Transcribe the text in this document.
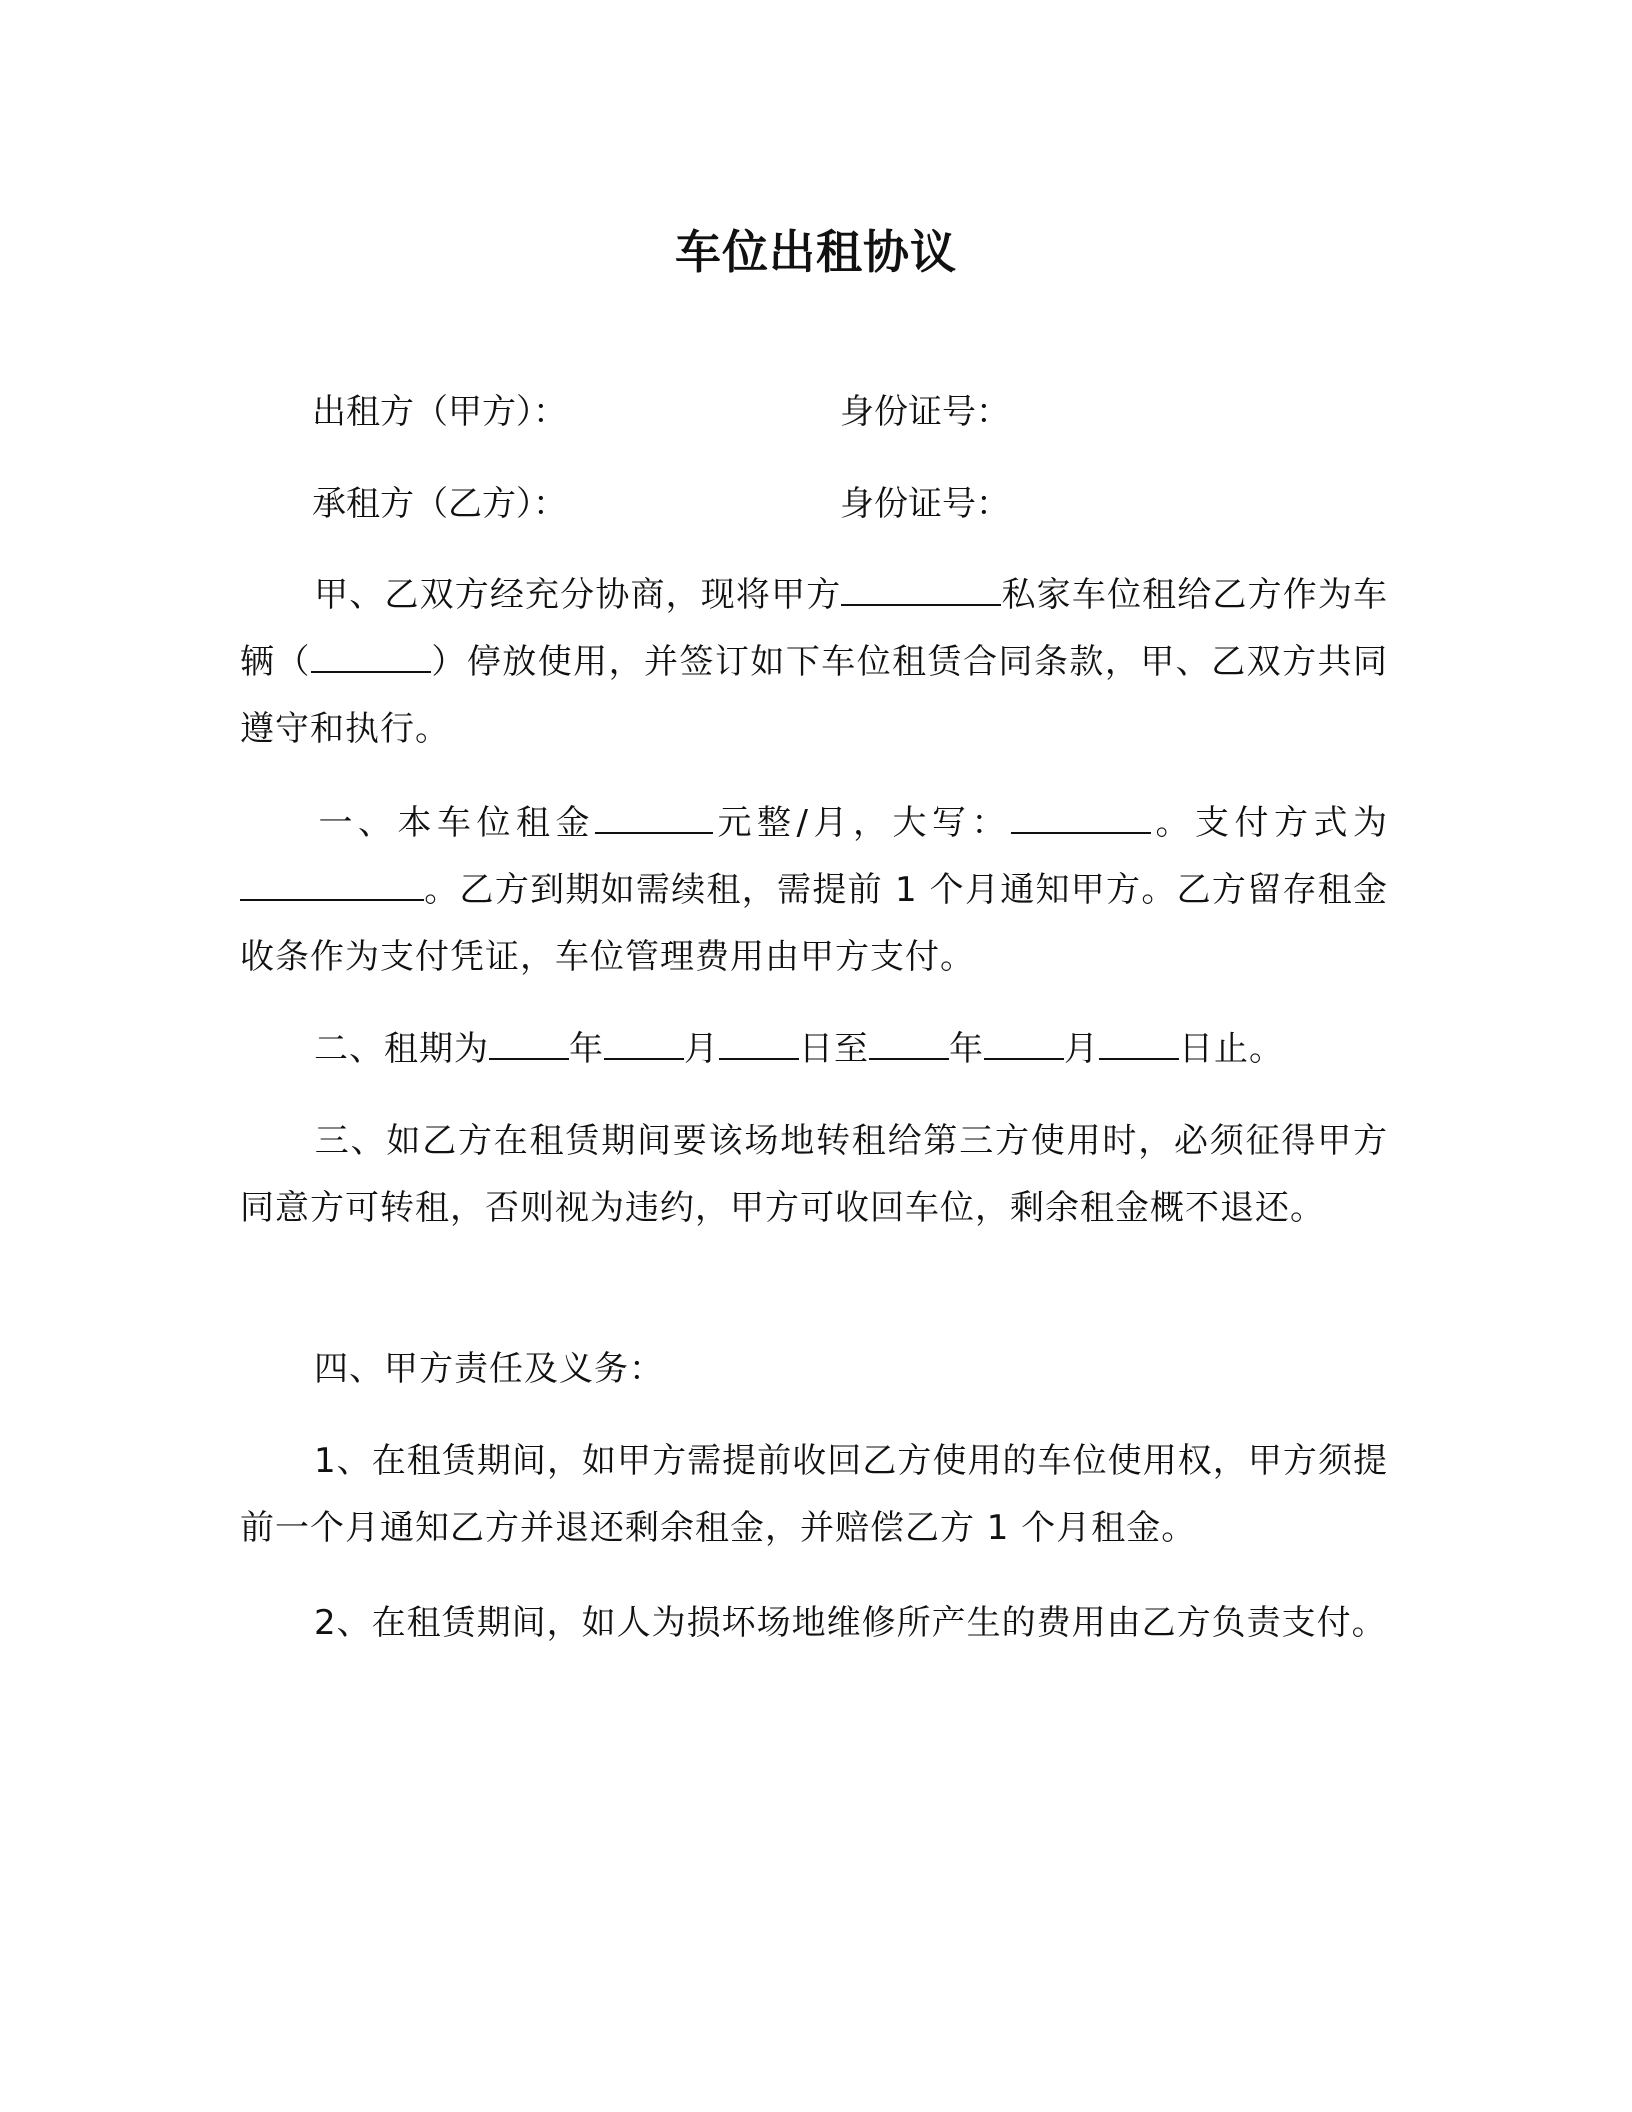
车位出租协议
出租方（甲方）：	身份证号：
承租方（乙方）：	身份证号：

甲、乙双方经充分协商，现将甲方	私家车位租给乙方作为车辆（	）停放使用，并签订如下车位租赁合同条款，甲、乙双方共同遵守和执行。

一、本车位租金	元整/月，大写：	。支付方式为。乙方到期如需续租，需提前 1 个月通知甲方。乙方留存租金收条作为支付凭证，车位管理费用由甲方支付。

二、租期为 年 月 日至 年 月 日止。

三、如乙方在租赁期间要该场地转租给第三方使用时，必须征得甲方同意方可转租，否则视为违约，甲方可收回车位，剩余租金概不退还。

四、甲方责任及义务：

1、在租赁期间，如甲方需提前收回乙方使用的车位使用权，甲方须提前一个月通知乙方并退还剩余租金，并赔偿乙方 1 个月租金。

2、在租赁期间，如人为损坏场地维修所产生的费用由乙方负责支付。
